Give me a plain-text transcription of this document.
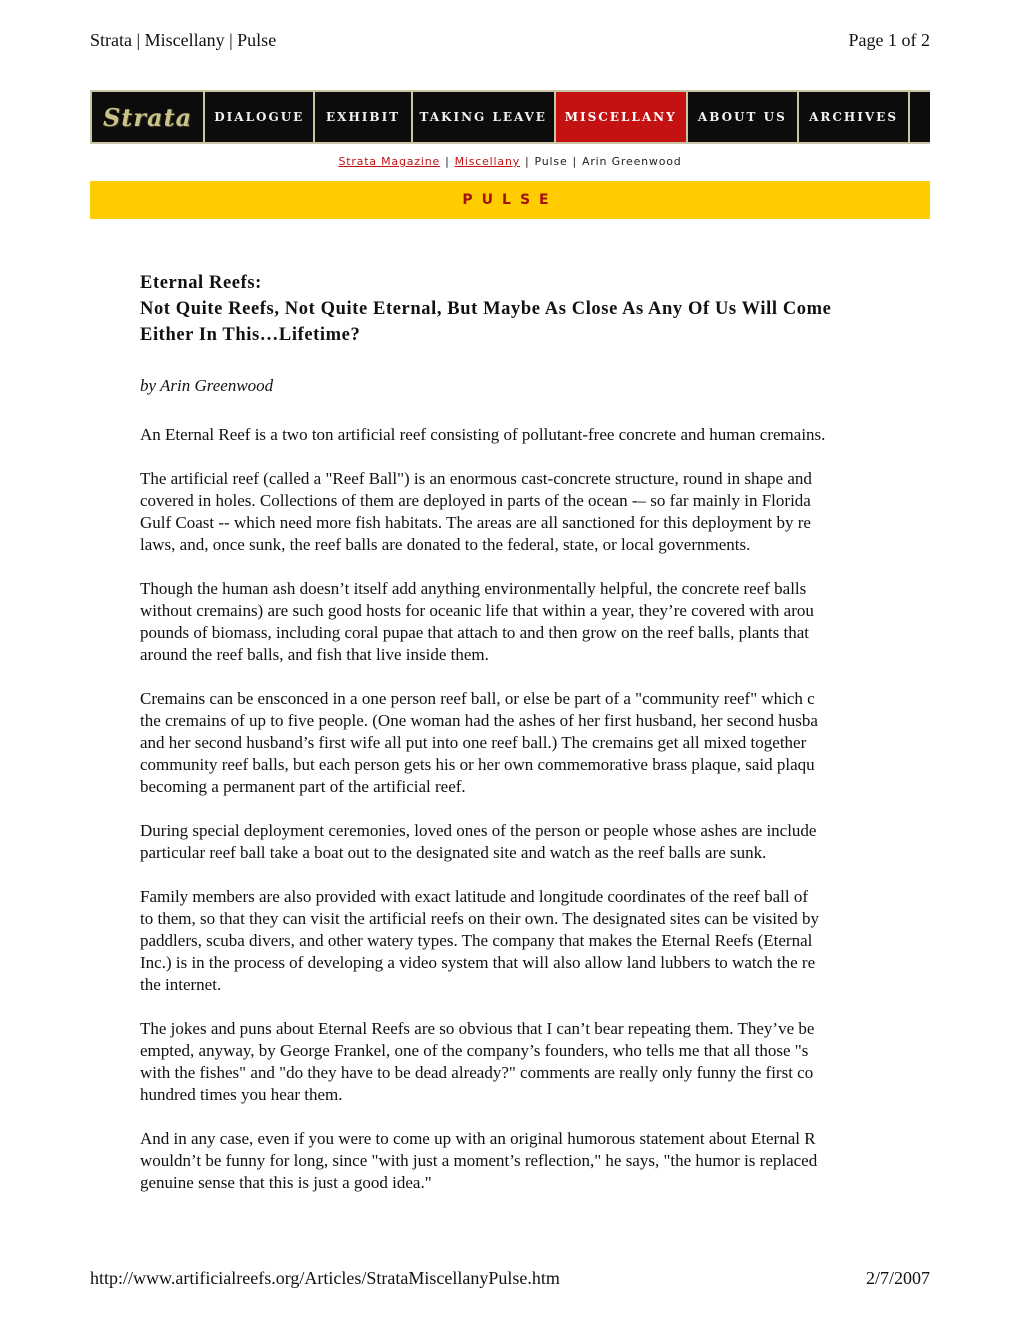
Strata | Miscellany | Pulse	Page 1 of 2
Strata	DIALOGUE	EXHIBIT	TAKING LEAVE	MISCELLANY	ABOUT US	ARCHIVES
Strata Magazine | Miscellany | Pulse | Arin Greenwood
PULSE
Eternal Reefs:
Not Quite Reefs, Not Quite Eternal, But Maybe As Close As Any Of Us Will Come
Either In This…Lifetime?
by Arin Greenwood

An Eternal Reef is a two ton artificial reef consisting of pollutant-free concrete and human cremains.

The artificial reef (called a "Reef Ball") is an enormous cast-concrete structure, round in shape and

covered in holes. Collections of them are deployed in parts of the ocean -– so far mainly in Florida

Gulf Coast -- which need more fish habitats. The areas are all sanctioned for this deployment by re

laws, and, once sunk, the reef balls are donated to the federal, state, or local governments.

Though the human ash doesn’t itself add anything environmentally helpful, the concrete reef balls

without cremains) are such good hosts for oceanic life that within a year, they’re covered with arou

pounds of biomass, including coral pupae that attach to and then grow on the reef balls, plants that

around the reef balls, and fish that live inside them.

Cremains can be ensconced in a one person reef ball, or else be part of a "community reef" which c

the cremains of up to five people. (One woman had the ashes of her first husband, her second husba

and her second husband’s first wife all put into one reef ball.) The cremains get all mixed together

community reef balls, but each person gets his or her own commemorative brass plaque, said plaqu

becoming a permanent part of the artificial reef.

During special deployment ceremonies, loved ones of the person or people whose ashes are include

particular reef ball take a boat out to the designated site and watch as the reef balls are sunk.

Family members are also provided with exact latitude and longitude coordinates of the reef ball of

to them, so that they can visit the artificial reefs on their own. The designated sites can be visited by

paddlers, scuba divers, and other watery types. The company that makes the Eternal Reefs (Eternal

Inc.) is in the process of developing a video system that will also allow land lubbers to watch the re

the internet.

The jokes and puns about Eternal Reefs are so obvious that I can’t bear repeating them. They’ve be

empted, anyway, by George Frankel, one of the company’s founders, who tells me that all those "s

with the fishes" and "do they have to be dead already?" comments are really only funny the first co

hundred times you hear them.

And in any case, even if you were to come up with an original humorous statement about Eternal R

wouldn’t be funny for long, since "with just a moment’s reflection," he says, "the humor is replaced

genuine sense that this is just a good idea."

http://www.artificialreefs.org/Articles/StrataMiscellanyPulse.htm	2/7/2007
